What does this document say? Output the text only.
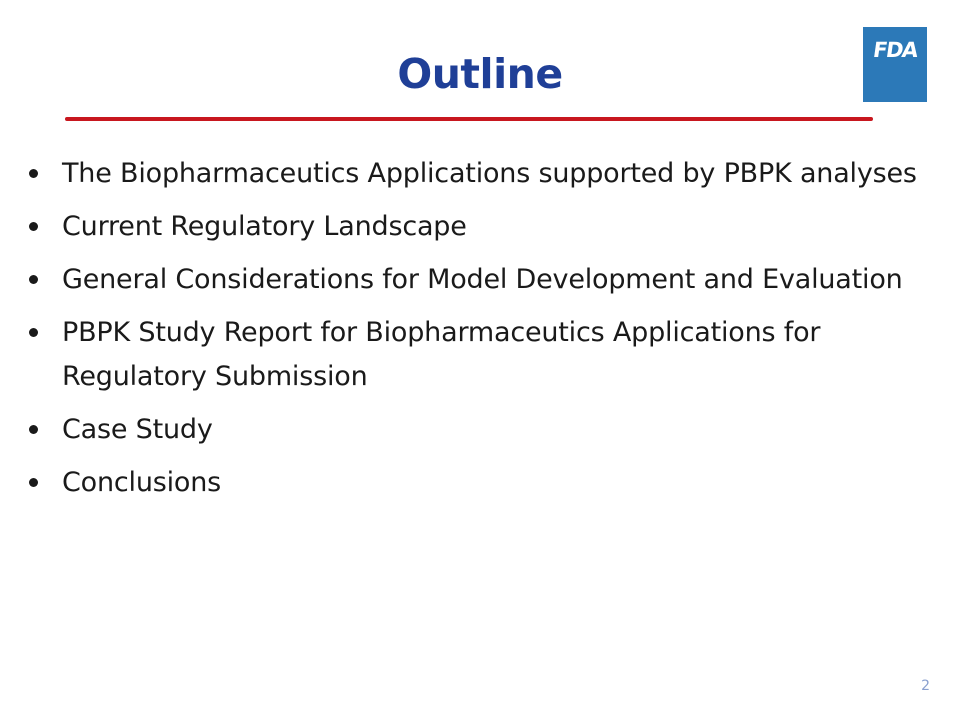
Outline	FDA
The Biopharmaceutics Applications supported by PBPK analyses
Current Regulatory Landscape
General Considerations for Model Development and Evaluation
PBPK Study Report for Biopharmaceutics Applications for Regulatory Submission
Case Study
Conclusions
2
